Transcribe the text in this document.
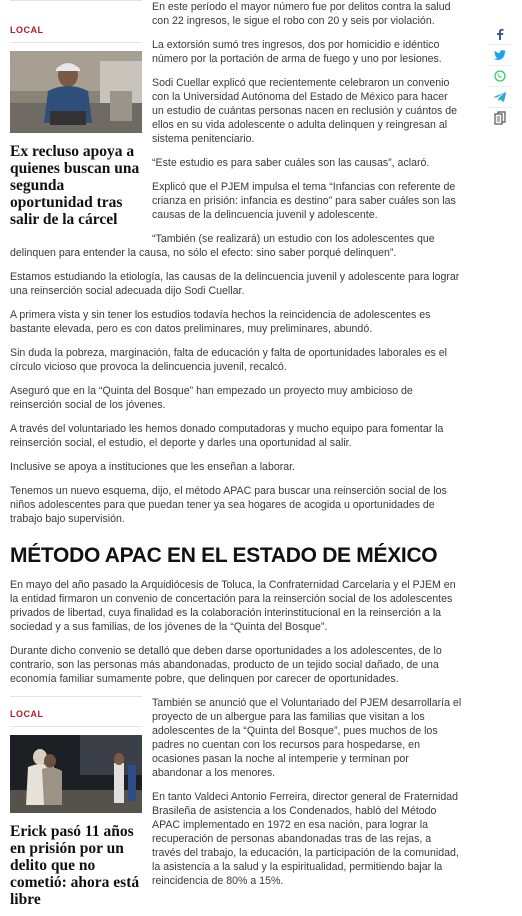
LOCAL
Ex recluso apoya a quienes buscan una segunda oportunidad tras salir de la cárcel

En este período el mayor número fue por delitos contra la salud con 22 ingresos, le sigue el robo con 20 y seis por violación.

La extorsión sumó tres ingresos, dos por homicidio e idéntico número por la portación de arma de fuego y uno por lesiones.

Sodi Cuellar explicó que recientemente celebraron un convenio con la Universidad Autónoma del Estado de México para hacer un estudio de cuántas personas nacen en reclusión y cuántos de ellos en su vida adolescente o adulta delinquen y reingresan al sistema penitenciario.

“Este estudio es para saber cuáles son las causas”, aclaró.

Explicó que el PJEM impulsa el tema “Infancias con referente de crianza en prisión: infancia es destino” para saber cuáles son las causas de la delincuencia juvenil y adolescente.

“También (se realizará) un estudio con los adolescentes que delinquen para entender la causa, no sólo el efecto: sino saber porqué delinquen”.

Estamos estudiando la etiología, las causas de la delincuencia juvenil y adolescente para lograr una reinserción social adecuada dijo Sodi Cuellar.

A primera vista y sin tener los estudios todavía hechos la reincidencia de adolescentes es bastante elevada, pero es con datos preliminares, muy preliminares, abundó.

Sin duda la pobreza, marginación, falta de educación y falta de oportunidades laborales es el círculo vicioso que provoca la delincuencia juvenil, recalcó.

Aseguró que en la “Quinta del Bosque” han empezado un proyecto muy ambicioso de reinserción social de los jóvenes.

A través del voluntariado les hemos donado computadoras y mucho equipo para fomentar la reinserción social, el estudio, el deporte y darles una oportunidad al salir.

Inclusive se apoya a instituciones que les enseñan a laborar.

Tenemos un nuevo esquema, dijo, el método APAC para buscar una reinserción social de los niños adolescentes para que puedan tener ya sea hogares de acogida u oportunidades de trabajo bajo supervisión.

MÉTODO APAC EN EL ESTADO DE MÉXICO

En mayo del año pasado la Arquidiócesis de Toluca, la Confraternidad Carcelaria y el PJEM en la entidad firmaron un convenio de concertación para la reinserción social de los adolescentes privados de libertad, cuya finalidad es la colaboración interinstitucional en la reinserción a la sociedad y a sus familias, de los jóvenes de la “Quinta del Bosque”.

Durante dicho convenio se detalló que deben darse oportunidades a los adolescentes, de lo contrario, son las personas más abandonadas, producto de un tejido social dañado, de una economía familiar sumamente pobre, que delinquen por carecer de oportunidades.

LOCAL
Erick pasó 11 años en prisión por un delito que no cometió: ahora está libre

También se anunció que el Voluntariado del PJEM desarrollaría el proyecto de un albergue para las familias que visitan a los adolescentes de la “Quinta del Bosque”, pues muchos de los padres no cuentan con los recursos para hospedarse, en ocasiones pasan la noche al intemperie y terminan por abandonar a los menores.

En tanto Valdeci Antonio Ferreira, director general de Fraternidad Brasileña de asistencia a los Condenados, habló del Método APAC implementado en 1972 en esa nación, para lograr la recuperación de personas abandonadas tras de las rejas, a través del trabajo, la educación, la participación de la comunidad, la asistencia a la salud y la espiritualidad, permitiendo bajar la reincidencia de 80% a 15%.
